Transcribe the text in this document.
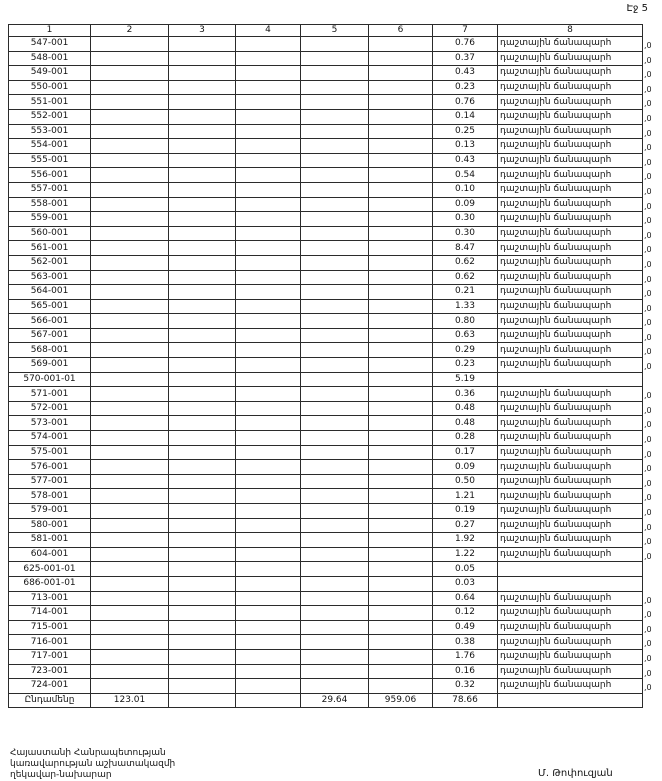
Էջ 5
1	2	3	4	5	6	7	8
547-001						0.76	դաշտային ճանապարհ ,0

548-001						0.37	դաշտային ճանապարհ ,0

549-001						0.43	դաշտային ճանապարհ ,0

550-001						0.23	դաշտային ճանապարհ ,0

551-001						0.76	դաշտային ճանապարհ ,0

552-001						0.14	դաշտային ճանապարհ ,0

553-001						0.25	դաշտային ճանապարհ ,0

554-001						0.13	դաշտային ճանապարհ ,0

555-001						0.43	դաշտային ճանապարհ ,0

556-001						0.54	դաշտային ճանապարհ ,0

557-001						0.10	դաշտային ճանապարհ ,0

558-001						0.09	դաշտային ճանապարհ ,0

559-001						0.30	դաշտային ճանապարհ ,0

560-001						0.30	դաշտային ճանապարհ ,0

561-001						8.47	դաշտային ճանապարհ ,0

562-001						0.62	դաշտային ճանապարհ ,0

563-001						0.62	դաշտային ճանապարհ ,0

564-001						0.21	դաշտային ճանապարհ ,0

565-001						1.33	դաշտային ճանապարհ ,0

566-001						0.80	դաշտային ճանապարհ ,0

567-001						0.63	դաշտային ճանապարհ ,0

568-001						0.29	դաշտային ճանապարհ ,0

569-001						0.23	դաշտային ճանապարհ ,0

570-001-01						5.19	

571-001						0.36	դաշտային ճանապարհ ,0

572-001						0.48	դաշտային ճանապարհ ,0

573-001						0.48	դաշտային ճանապարհ ,0

574-001						0.28	դաշտային ճանապարհ ,0

575-001						0.17	դաշտային ճանապարհ ,0

576-001						0.09	դաշտային ճանապարհ ,0

577-001						0.50	դաշտային ճանապարհ ,0

578-001						1.21	դաշտային ճանապարհ ,0

579-001						0.19	դաշտային ճանապարհ ,0

580-001						0.27	դաշտային ճանապարհ ,0

581-001						1.92	դաշտային ճանապարհ ,0

604-001						1.22	դաշտային ճանապարհ ,0

625-001-01						0.05	

686-001-01						0.03	

713-001						0.64	դաշտային ճանապարհ ,0

714-001						0.12	դաշտային ճանապարհ ,0

715-001						0.49	դաշտային ճանապարհ ,0

716-001						0.38	դաշտային ճանապարհ ,0

717-001						1.76	դաշտային ճանապարհ ,0

723-001						0.16	դաշտային ճանապարհ ,0

724-001						0.32	դաշտային ճանապարհ ,0

Ընդամենը	123.01			29.64	959.06	78.66	
Հայաստանի Հանրապետության
կառավարության աշխատակազմի
ղեկավար-նախարար	Մ. Թոփուզյան
